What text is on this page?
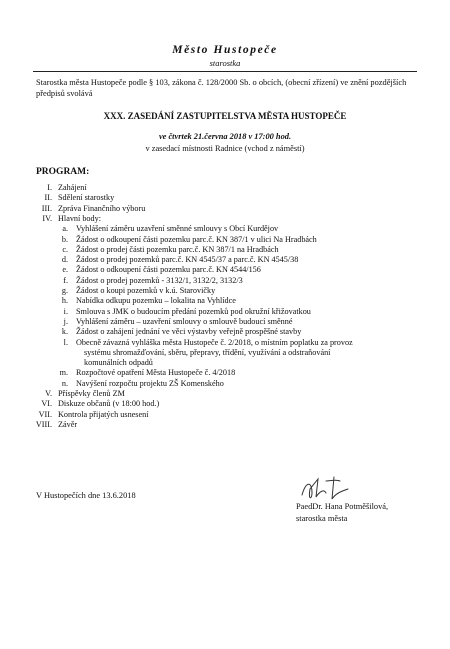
Město Hustopeče
starostka
Starostka města Hustopeče podle § 103, zákona č. 128/2000 Sb. o obcích, (obecní zřízení) ve znění pozdějších předpisů svolává
XXX. ZASEDÁNÍ ZASTUPITELSTVA MĚSTA HUSTOPEČE
ve čtvrtek 21.června 2018 v 17:00 hod.
v zasedací místnosti Radnice (vchod z náměstí)
PROGRAM:
I. Zahájení
II. Sdělení starostky
III. Zpráva Finančního výboru
IV. Hlavní body:
a. Vyhlášení záměru uzavření směnné smlouvy s Obcí Kurdějov
b. Žádost o odkoupení části pozemku parc.č. KN 387/1 v ulici Na Hradbách
c. Žádost o prodej části pozemku parc.č. KN 387/1 na Hradbách
d. Žádost o prodej pozemků parc.č. KN 4545/37 a parc.č. KN 4545/38
e. Žádost o odkoupení části pozemku parc.č. KN 4544/156
f. Žádost o prodej pozemků - 3132/1, 3132/2, 3132/3
g. Žádost o koupi pozemků v k.ú. Starovičky
h. Nabídka odkupu pozemku – lokalita na Vyhlídce
i. Smlouva s JMK o budoucím předání pozemků pod okružní křižovatkou
j. Vyhlášení záměru – uzavření smlouvy o smlouvě budoucí směnné
k. Žádost o zahájení jednání ve věci výstavby veřejně prospěšné stavby
l. Obecně závazná vyhláška města Hustopeče č. 2/2018, o místním poplatku za provoz
systému shromažďování, sběru, přepravy, třídění, využívání a odstraňování
komunálních odpadů
m. Rozpočtové opatření Města Hustopeče č. 4/2018
n. Navýšení rozpočtu projektu ZŠ Komenského
V. Příspěvky členů ZM
VI. Diskuze občanů (v 18:00 hod.)
VII. Kontrola přijatých usnesení
VIII. Závěr
V Hustopečích dne 13.6.2018
PaedDr. Hana Potměšilová,
starostka města
